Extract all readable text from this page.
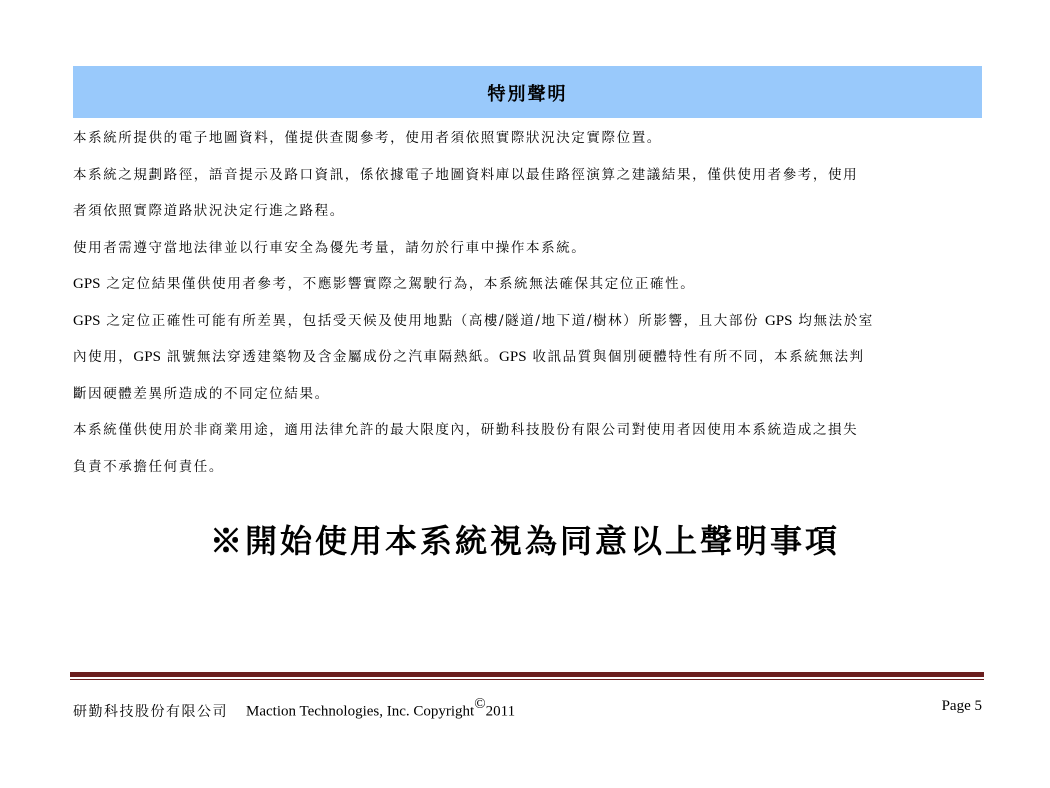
特別聲明

本系統所提供的電子地圖資料，僅提供查閱參考，使用者須依照實際狀況決定實際位置。

本系統之規劃路徑，語音提示及路口資訊，係依據電子地圖資料庫以最佳路徑演算之建議結果，僅供使用者參考，使用
者須依照實際道路狀況決定行進之路程。

使用者需遵守當地法律並以行車安全為優先考量，請勿於行車中操作本系統。

GPS 之定位結果僅供使用者參考，不應影響實際之駕駛行為，本系統無法確保其定位正確性。

GPS 之定位正確性可能有所差異，包括受天候及使用地點（高樓/隧道/地下道/樹林）所影響，且大部份 GPS 均無法於室
內使用，GPS 訊號無法穿透建築物及含金屬成份之汽車隔熱紙。GPS 收訊品質與個別硬體特性有所不同，本系統無法判
斷因硬體差異所造成的不同定位結果。

本系統僅供使用於非商業用途，適用法律允許的最大限度內，研勤科技股份有限公司對使用者因使用本系統造成之損失
負責不承擔任何責任。

※開始使用本系統視為同意以上聲明事項
研勤科技股份有限公司 Maction Technologies, Inc. Copyright©2011	Page 5
